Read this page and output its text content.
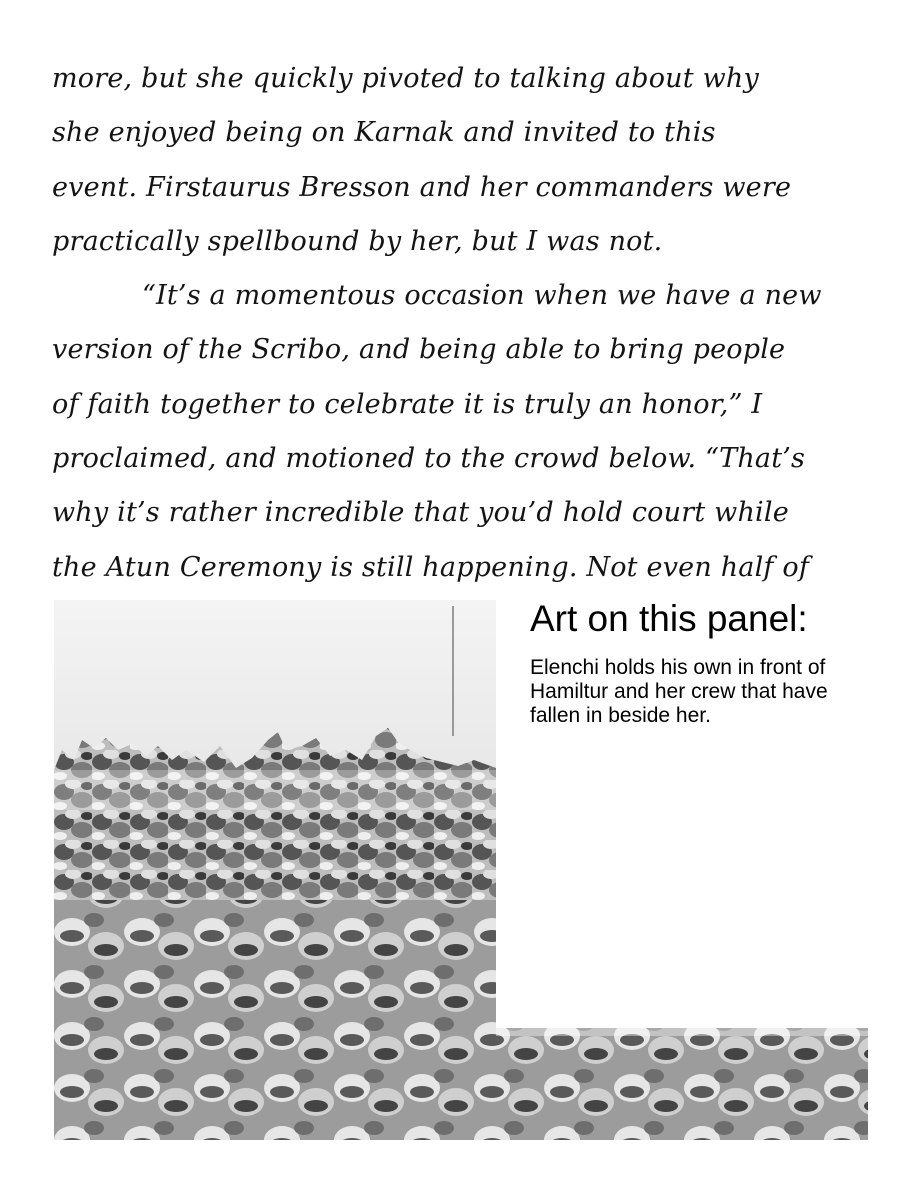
more, but she quickly pivoted to talking about why
she enjoyed being on Karnak and invited to this
event. Firstaurus Bresson and her commanders were
practically spellbound by her, but I was not.
“It’s a momentous occasion when we have a new
version of the Scribo, and being able to bring people
of faith together to celebrate it is truly an honor,” I
proclaimed, and motioned to the crowd below. “That’s
why it’s rather incredible that you’d hold court while
the Atun Ceremony is still happening. Not even half of

Art on this panel:

Elenchi holds his own in front of Hamiltur and her crew that have fallen in beside her.
